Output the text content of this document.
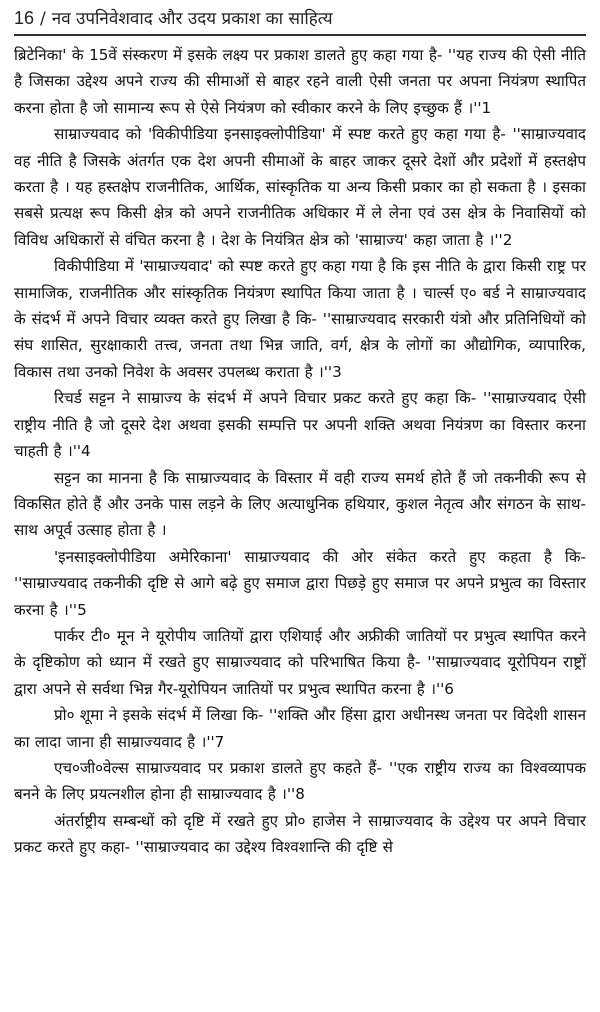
16 / नव उपनिवेशवाद और उदय प्रकाश का साहित्य

ब्रिटेनिका' के 15वें संस्करण में इसके लक्ष्य पर प्रकाश डालते हुए कहा गया है- ''यह राज्य की ऐसी नीति है जिसका उद्देश्य अपने राज्य की सीमाओं से बाहर रहने वाली ऐसी जनता पर अपना नियंत्रण स्थापित करना होता है जो सामान्य रूप से ऐसे नियंत्रण को स्वीकार करने के लिए इच्छुक हैं ।''1

साम्राज्यवाद को 'विकीपीडिया इनसाइक्लोपीडिया' में स्पष्ट करते हुए कहा गया है- ''साम्राज्यवाद वह नीति है जिसके अंतर्गत एक देश अपनी सीमाओं के बाहर जाकर दूसरे देशों और प्रदेशों में हस्तक्षेप करता है । यह हस्तक्षेप राजनीतिक, आर्थिक, सांस्कृतिक या अन्य किसी प्रकार का हो सकता है । इसका सबसे प्रत्यक्ष रूप किसी क्षेत्र को अपने राजनीतिक अधिकार में ले लेना एवं उस क्षेत्र के निवासियों को विविध अधिकारों से वंचित करना है । देश के नियंत्रित क्षेत्र को 'साम्राज्य' कहा जाता है ।''2

विकीपीडिया में 'साम्राज्यवाद' को स्पष्ट करते हुए कहा गया है कि इस नीति के द्वारा किसी राष्ट्र पर सामाजिक, राजनीतिक और सांस्कृतिक नियंत्रण स्थापित किया जाता है । चार्ल्स ए० बर्ड ने साम्राज्यवाद के संदर्भ में अपने विचार व्यक्त करते हुए लिखा है कि- ''साम्राज्यवाद सरकारी यंत्रो और प्रतिनिधियों को संघ शासित, सुरक्षाकारी तत्त्व, जनता तथा भिन्न जाति, वर्ग, क्षेत्र के लोगों का औद्योगिक, व्यापारिक, विकास तथा उनको निवेश के अवसर उपलब्ध कराता है ।''3

रिचर्ड सट्टन ने साम्राज्य के संदर्भ में अपने विचार प्रकट करते हुए कहा कि- ''साम्राज्यवाद ऐसी राष्ट्रीय नीति है जो दूसरे देश अथवा इसकी सम्पत्ति पर अपनी शक्ति अथवा नियंत्रण का विस्तार करना चाहती है ।''4

सट्टन का मानना है कि साम्राज्यवाद के विस्तार में वही राज्य समर्थ होते हैं जो तकनीकी रूप से विकसित होते हैं और उनके पास लड़ने के लिए अत्याधुनिक हथियार, कुशल नेतृत्व और संगठन के साथ-साथ अपूर्व उत्साह होता है ।

'इनसाइक्लोपीडिया अमेरिकाना' साम्राज्यवाद की ओर संकेत करते हुए कहता है कि- ''साम्राज्यवाद तकनीकी दृष्टि से आगे बढ़े हुए समाज द्वारा पिछड़े हुए समाज पर अपने प्रभुत्व का विस्तार करना है ।''5

पार्कर टी० मून ने यूरोपीय जातियों द्वारा एशियाई और अफ्रीकी जातियों पर प्रभुत्व स्थापित करने के दृष्टिकोण को ध्यान में रखते हुए साम्राज्यवाद को परिभाषित किया है- ''साम्राज्यवाद यूरोपियन राष्ट्रों द्वारा अपने से सर्वथा भिन्न गैर-यूरोपियन जातियों पर प्रभुत्व स्थापित करना है ।''6

प्रो० शूमा ने इसके संदर्भ में लिखा कि- ''शक्ति और हिंसा द्वारा अधीनस्थ जनता पर विदेशी शासन का लादा जाना ही साम्राज्यवाद है ।''7

एच०जी०वेल्स साम्राज्यवाद पर प्रकाश डालते हुए कहते हैं- ''एक राष्ट्रीय राज्य का विश्वव्यापक बनने के लिए प्रयत्नशील होना ही साम्राज्यवाद है ।''8

अंतर्राष्ट्रीय सम्बन्धों को दृष्टि में रखते हुए प्रो० हाजेस ने साम्राज्यवाद के उद्देश्य पर अपने विचार प्रकट करते हुए कहा- ''साम्राज्यवाद का उद्देश्य विश्वशान्ति की दृष्टि से
